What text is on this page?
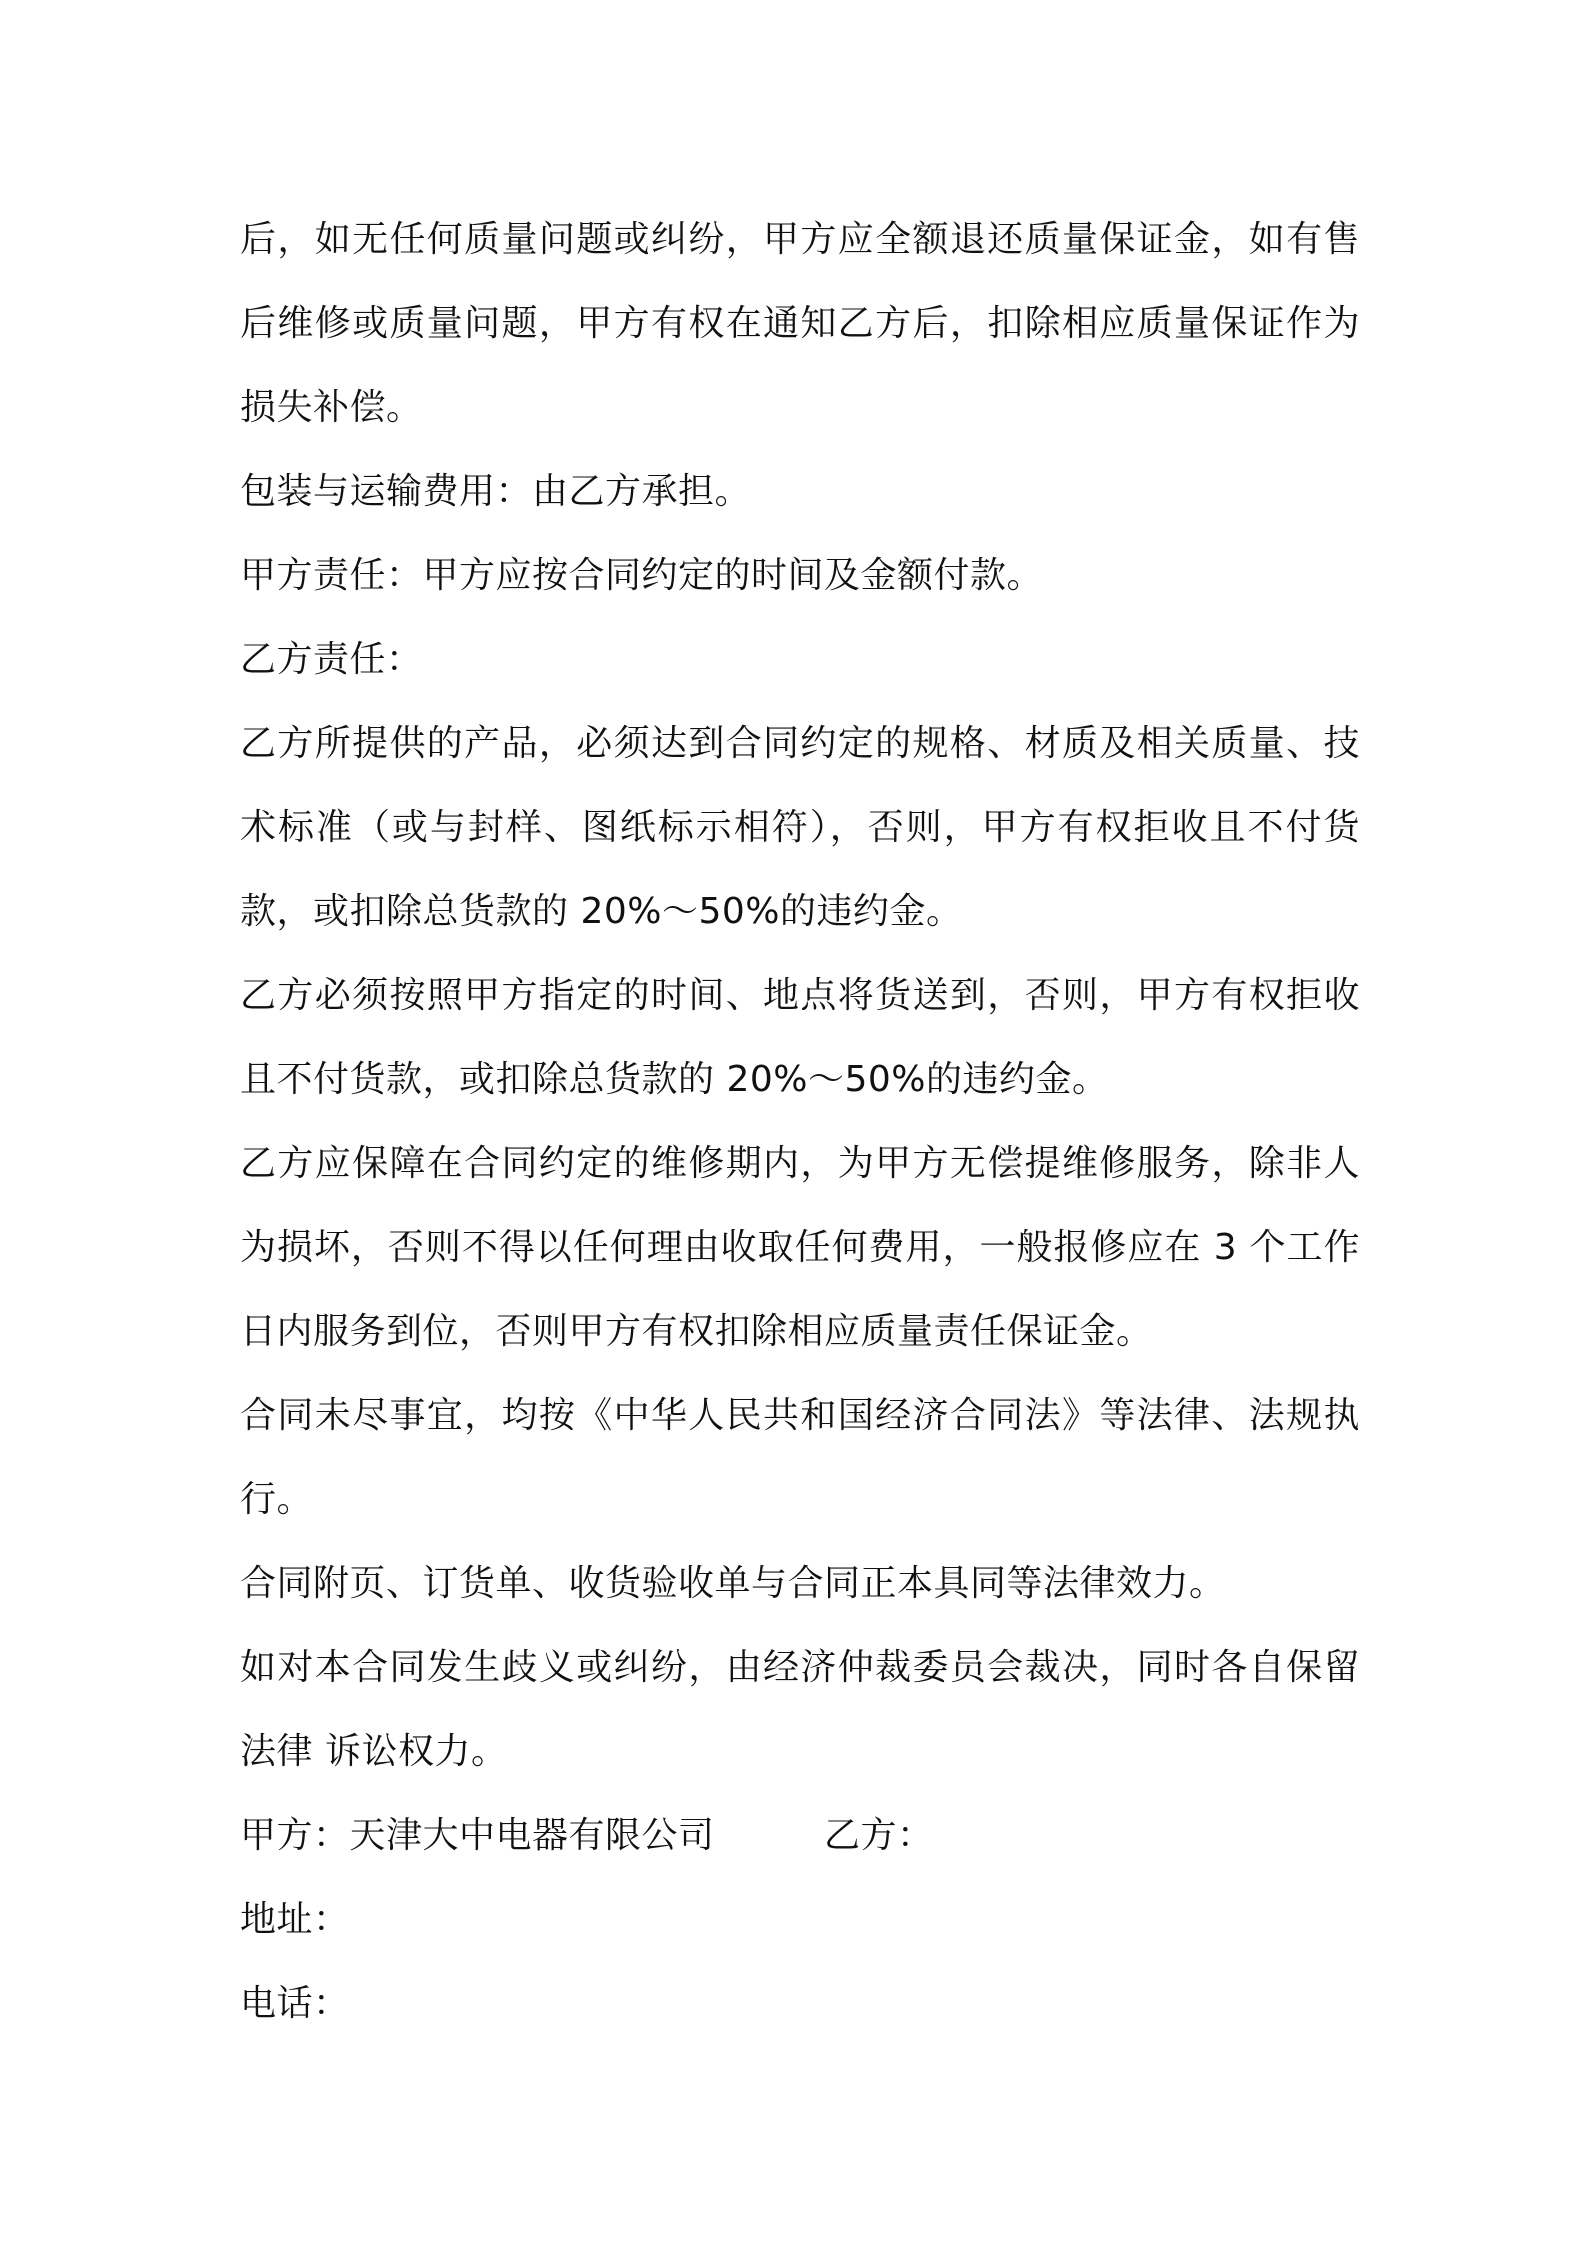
后，如无任何质量问题或纠纷，甲方应全额退还质量保证金，如有售后维修或质量问题，甲方有权在通知乙方后，扣除相应质量保证作为损失补偿。

包装与运输费用：由乙方承担。

甲方责任：甲方应按合同约定的时间及金额付款。

乙方责任：

乙方所提供的产品，必须达到合同约定的规格、材质及相关质量、技术标准（或与封样、图纸标示相符），否则，甲方有权拒收且不付货款，或扣除总货款的 20%～50%的违约金。

乙方必须按照甲方指定的时间、地点将货送到，否则，甲方有权拒收且不付货款，或扣除总货款的 20%～50%的违约金。

乙方应保障在合同约定的维修期内，为甲方无偿提维修服务，除非人为损坏，否则不得以任何理由收取任何费用，一般报修应在 3 个工作日内服务到位，否则甲方有权扣除相应质量责任保证金。

合同未尽事宜，均按《中华人民共和国经济合同法》等法律、法规执行。

合同附页、订货单、收货验收单与合同正本具同等法律效力。

如对本合同发生歧义或纠纷，由经济仲裁委员会裁决，同时各自保留法律 诉讼权力。

甲方：天津大中电器有限公司	乙方：

地址：

电话：
